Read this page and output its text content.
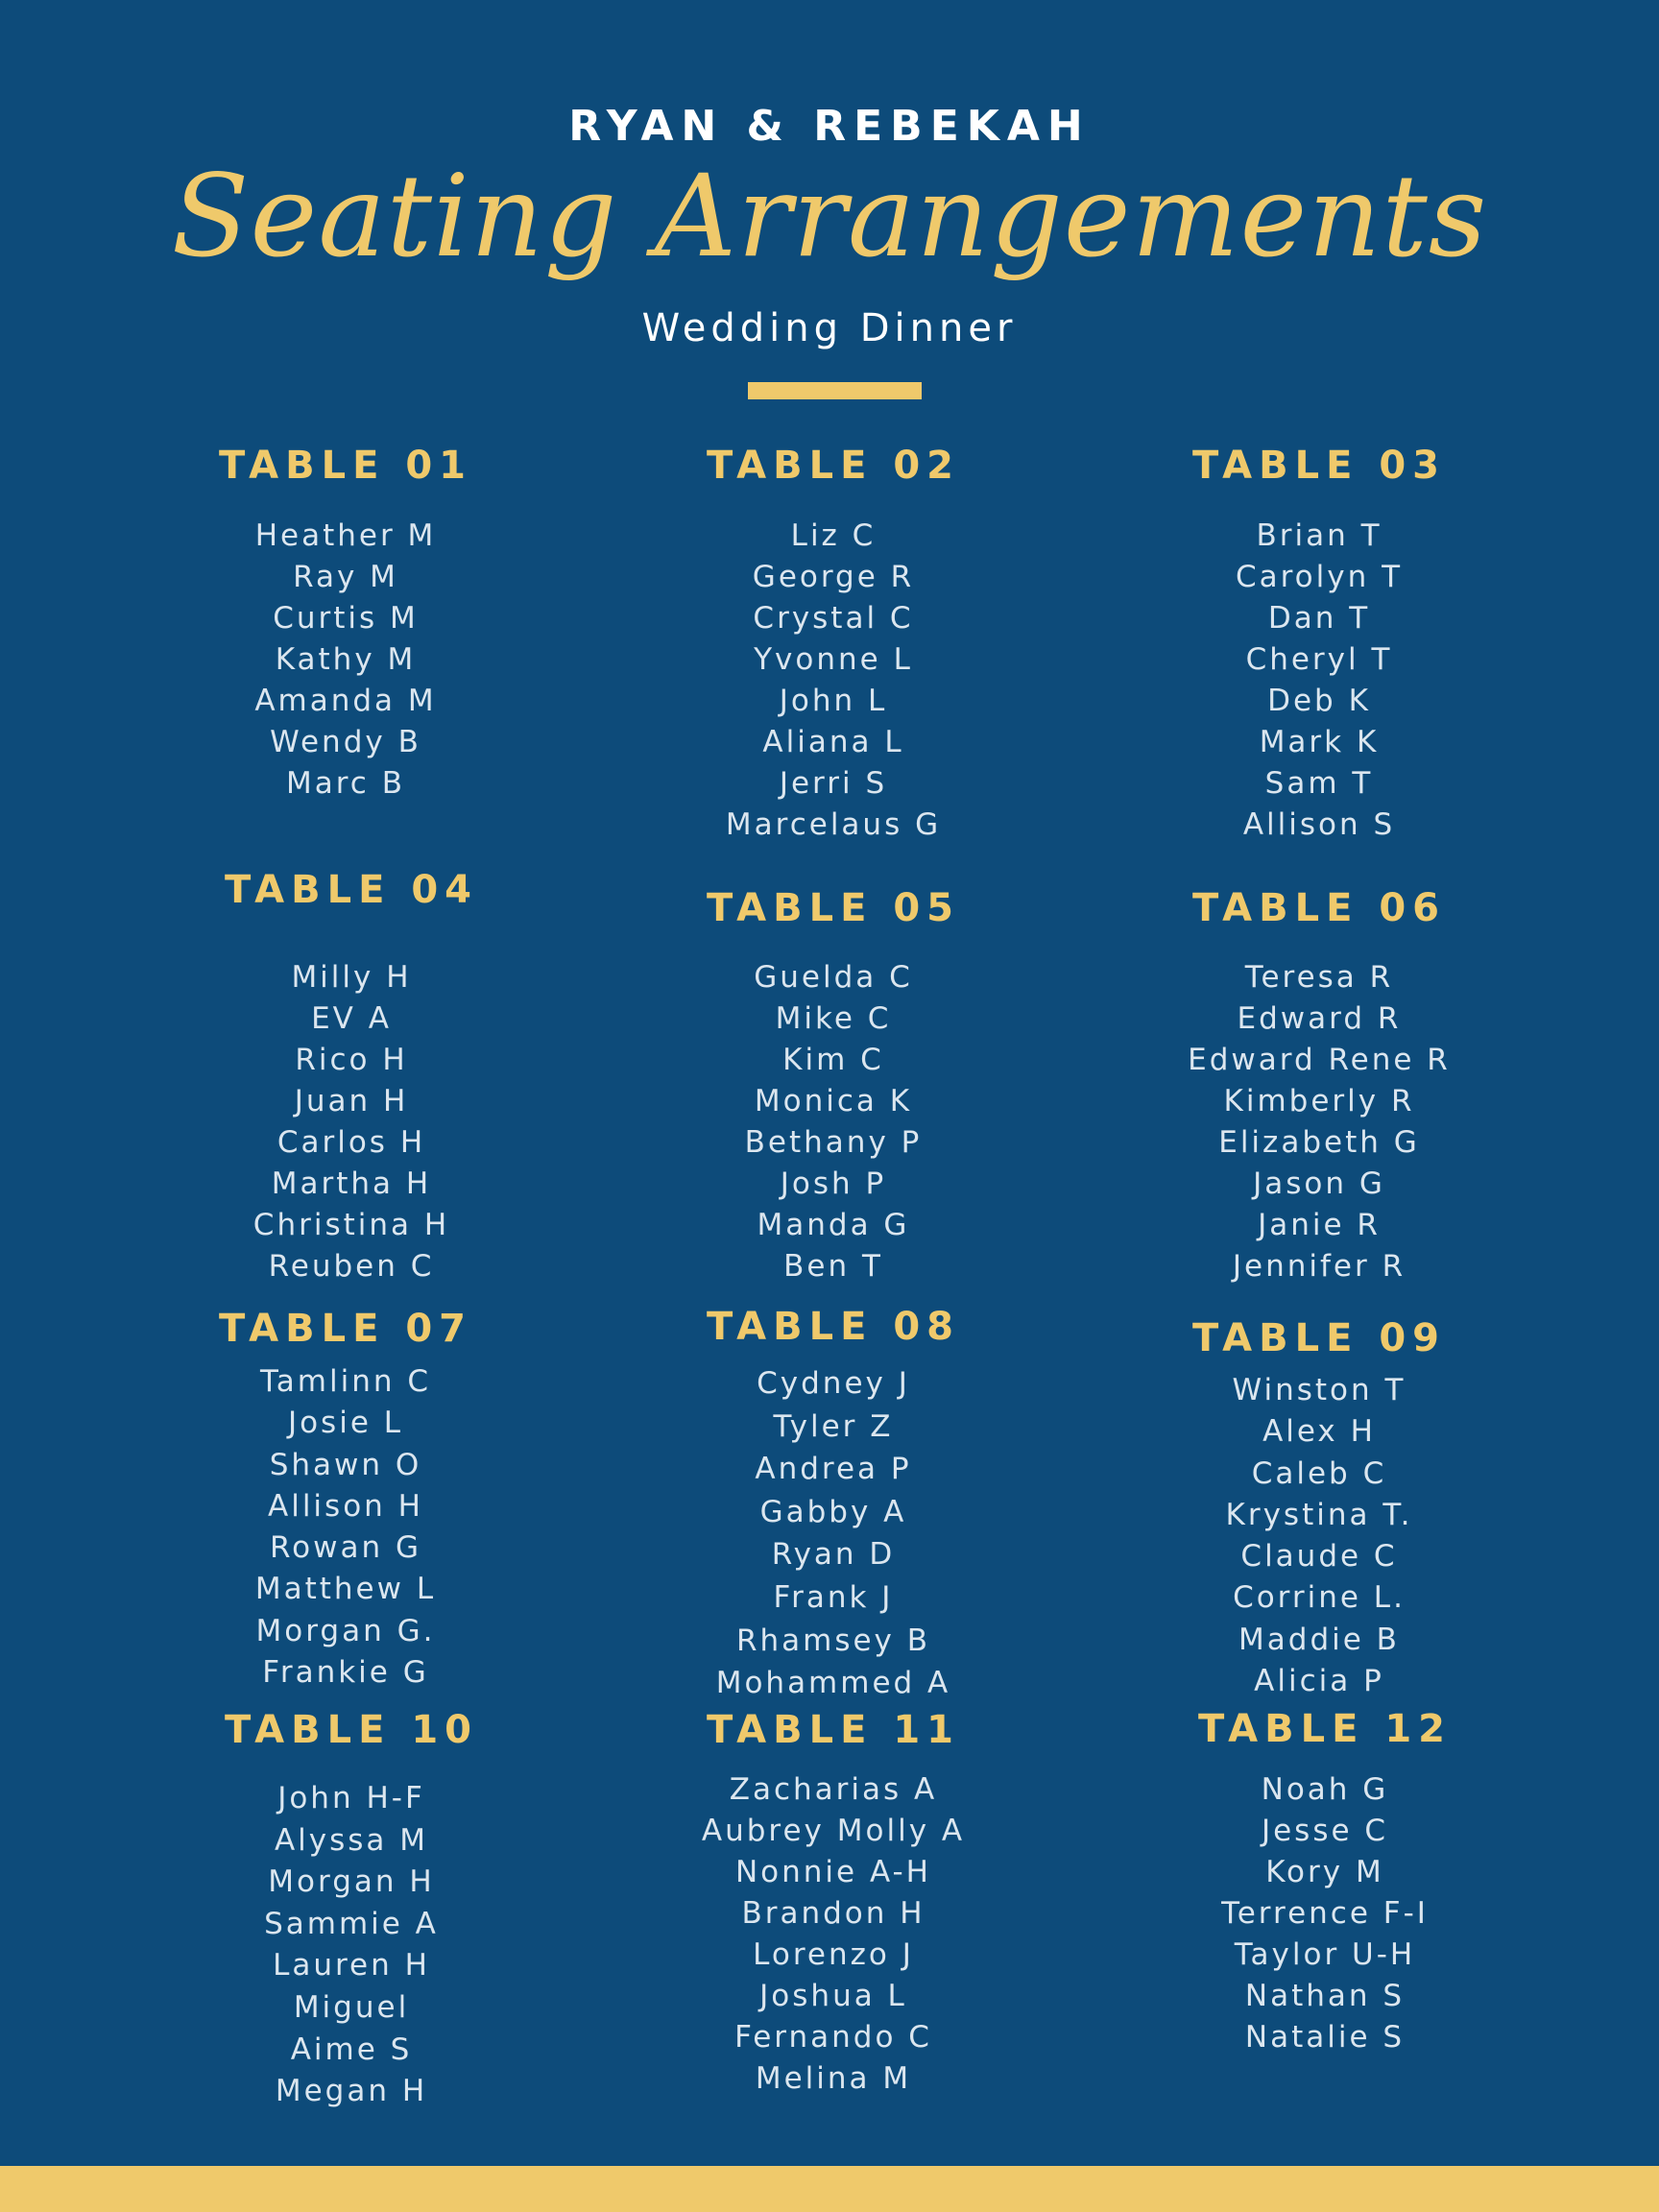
RYAN & REBEKAH
Seating Arrangements
Wedding Dinner
TABLE 01
Heather M
Ray M
Curtis M
Kathy M
Amanda M
Wendy B
Marc B
TABLE 02
Liz C
George R
Crystal C
Yvonne L
John L
Aliana L
Jerri S
Marcelaus G
TABLE 03
Brian T
Carolyn T
Dan T
Cheryl T
Deb K
Mark K
Sam T
Allison S
TABLE 04
Milly H
EV A
Rico H
Juan H
Carlos H
Martha H
Christina H
Reuben C
TABLE 05
Guelda C
Mike C
Kim C
Monica K
Bethany P
Josh P
Manda G
Ben T
TABLE 06
Teresa R
Edward R
Edward Rene R
Kimberly R
Elizabeth G
Jason G
Janie R
Jennifer R
TABLE 07
Tamlinn C
Josie L
Shawn O
Allison H
Rowan G
Matthew L
Morgan G.
Frankie G
TABLE 08
Cydney J
Tyler Z
Andrea P
Gabby A
Ryan D
Frank J
Rhamsey B
Mohammed A
TABLE 09
Winston T
Alex H
Caleb C
Krystina T.
Claude C
Corrine L.
Maddie B
Alicia P
TABLE 10
John H-F
Alyssa M
Morgan H
Sammie A
Lauren H
Miguel
Aime S
Megan H
TABLE 11
Zacharias A
Aubrey Molly A
Nonnie A-H
Brandon H
Lorenzo J
Joshua L
Fernando C
Melina M
TABLE 12
Noah G
Jesse C
Kory M
Terrence F-I
Taylor U-H
Nathan S
Natalie S
